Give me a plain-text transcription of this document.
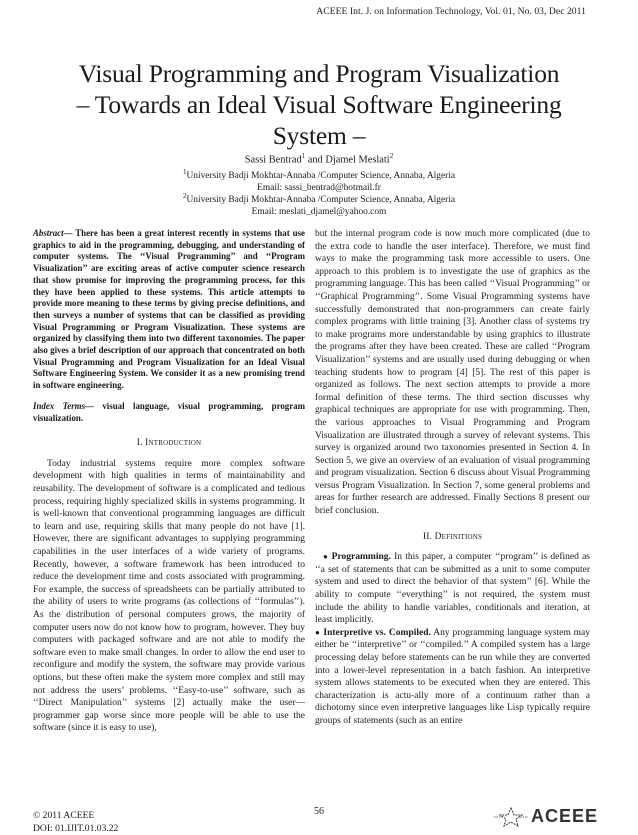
ACEEE Int. J. on Information Technology, Vol. 01, No. 03, Dec 2011
Visual Programming and Program Visualization
– Towards an Ideal Visual Software Engineering
System –
Sassi Bentrad$^1$ and Djamel Meslati$^2$
$^1$University Badji Mokhtar-Annaba /Computer Science, Annaba, Algeria
Email: sassi_bentrad@hotmail.fr
$^2$University Badji Mokhtar-Annaba /Computer Science, Annaba, Algeria
Email: meslati_djamel@yahoo.com

Abstract— There has been a great interest recently in systems that use graphics to aid in the programming, debugging, and understanding of computer systems. The ‘‘Visual Programming’’ and ‘‘Program Visualization’’ are exciting areas of active computer science research that show promise for improving the programming process, for this they have been applied to these systems. This article attempts to provide more meaning to these terms by giving precise definitions, and then surveys a number of systems that can be classified as providing Visual Programming or Program Visualization. These systems are organized by classifying them into two different taxonomies. The paper also gives a brief description of our approach that concentrated on both Visual Programming and Program Visualization for an Ideal Visual Software Engineering System. We consider it as a new promising trend in software engineering.

Index Terms— visual language, visual programming, program visualization.

I. Introduction

Today industrial systems require more complex software development with high qualities in terms of maintainability and reusability. The development of software is a complicated and tedious process, requiring highly specialized skills in systems programming. It is well-known that conventional programming languages are difficult to learn and use, requiring skills that many people do not have [1]. However, there are significant advantages to supplying programming capabilities in the user interfaces of a wide variety of programs. Recently, however, a software framework has been introduced to reduce the development time and costs associated with programming. For example, the success of spreadsheets can be partially attributed to the ability of users to write programs (as collections of ‘‘formulas’’). As the distribution of personal computers grows, the majority of computer users now do not know how to program, however. They buy computers with packaged software and are not able to modify the software even to make small changes. In order to allow the end user to reconfigure and modify the system, the software may provide various options, but these often make the system more complex and still may not address the users’ problems. ‘‘Easy-to-use’’ software, such as ‘‘Direct Manipulation’’ systems [2] actually make the user—programmer gap worse since more people will be able to use the software (since it is easy to use),

but the internal program code is now much more complicated (due to the extra code to handle the user interface). Therefore, we must find ways to make the programming task more accessible to users. One approach to this problem is to investigate the use of graphics as the programming language. This has been called ‘‘Visual Programming’’ or ‘‘Graphical Programming’’. Some Visual Programming systems have successfully demonstrated that non-programmers can create fairly complex programs with little training [3]. Another class of systems try to make programs more understandable by using graphics to illustrate the programs after they have been created. These are called ‘‘Program Visualization’’ systems and are usually used during debugging or when teaching students how to program [4] [5]. The rest of this paper is organized as follows. The next section attempts to provide a more formal definition of these terms. The third section discusses why graphical techniques are appropriate for use with programming. Then, the various approaches to Visual Programming and Program Visualization are illustrated through a survey of relevant systems. This survey is organized around two taxonomies presented in Section 4. In Section 5, we give an overview of an evaluation of visual programming and program visualization. Section 6 discuss about Visual Programming versus Program Visualization. In Section 7, some general problems and areas for further research are addressed. Finally Sections 8 present our brief conclusion.

II. Definitions

● Programming. In this paper, a computer ‘‘program’’ is defined as ‘‘a set of statements that can be submitted as a unit to some computer system and used to direct the behavior of that system’’ [6]. While the ability to compute ‘‘everything’’ is not required, the system must include the ability to handle variables, conditionals and iteration, at least implicitly.

● Interpretive vs. Compiled. Any programming language system may either be ‘‘interpretive’’ or ‘‘compiled.’’ A compiled system has a large processing delay before statements can be run while they are converted into a lower-level representation in a batch fashion. An interpretive system allows statements to be executed when they are entered. This characterization is actu-ally more of a continuum rather than a dichotomy since even interpretive languages like Lisp typically require groups of statements (such as an entire

56
© 2011 ACEEE
DOI: 01.IJIT.01.03.22
ACEEE
